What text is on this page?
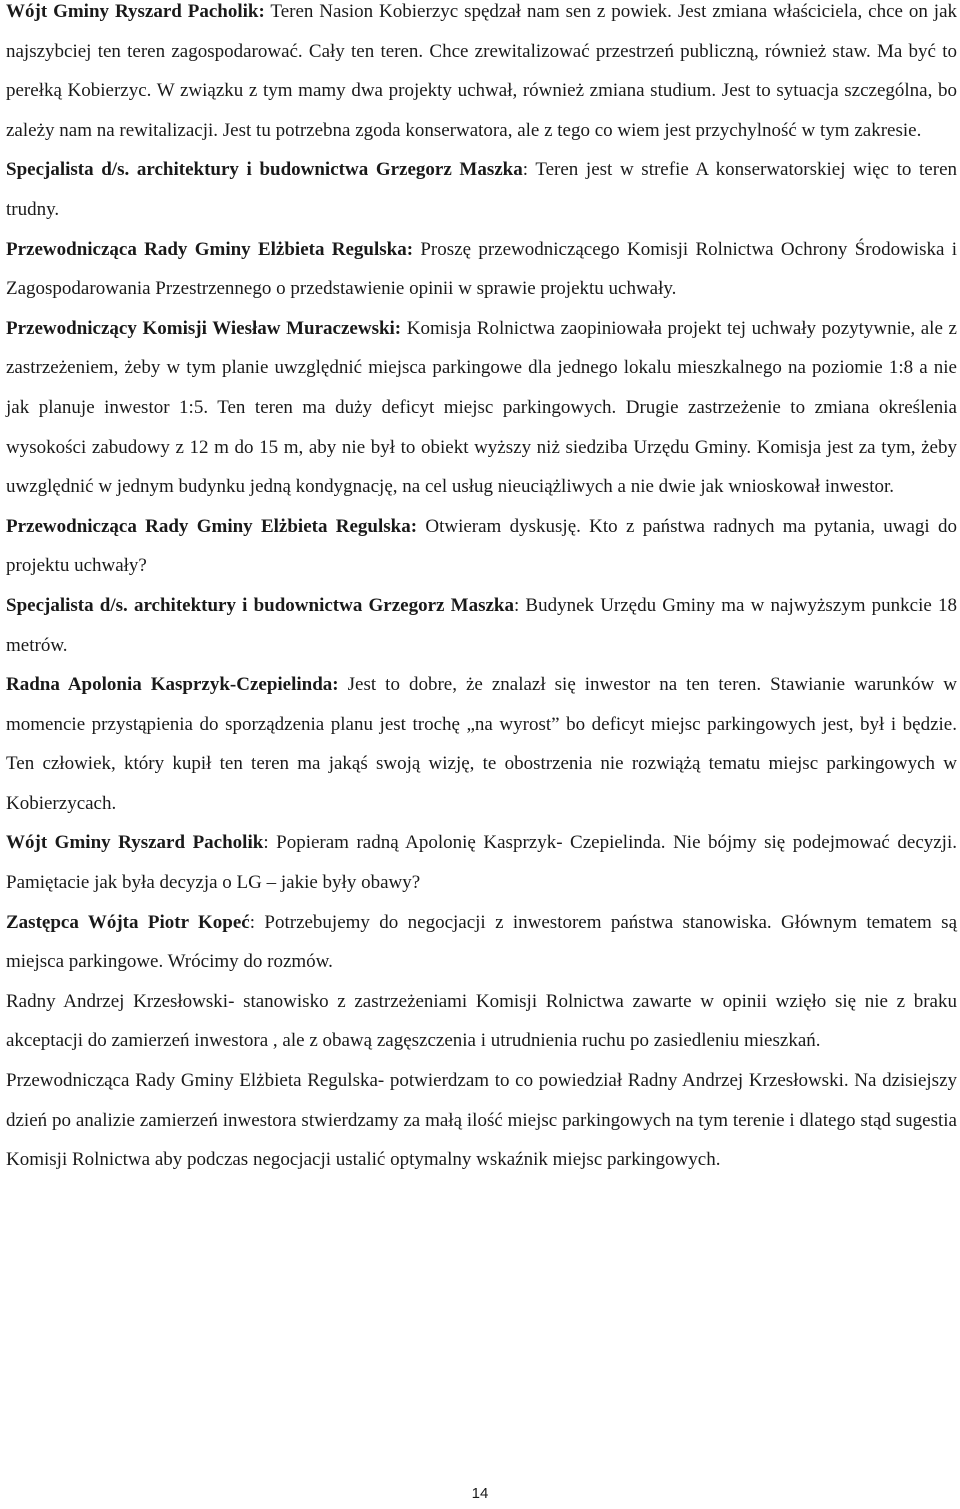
Wójt Gminy Ryszard Pacholik: Teren Nasion Kobierzyc spędzał nam sen z powiek. Jest zmiana właściciela, chce on jak najszybciej ten teren zagospodarować. Cały ten teren. Chce zrewitalizować przestrzeń publiczną, również staw. Ma być to perełką Kobierzyc. W związku z tym mamy dwa projekty uchwał, również zmiana studium. Jest to sytuacja szczególna, bo zależy nam na rewitalizacji. Jest tu potrzebna zgoda konserwatora, ale z tego co wiem jest przychylność w tym zakresie.

Specjalista d/s. architektury i budownictwa Grzegorz Maszka: Teren jest w strefie A konserwatorskiej więc to teren trudny.

Przewodnicząca Rady Gminy Elżbieta Regulska: Proszę przewodniczącego Komisji Rolnictwa Ochrony Środowiska i Zagospodarowania Przestrzennego o przedstawienie opinii w sprawie projektu uchwały.

Przewodniczący Komisji Wiesław Muraczewski: Komisja Rolnictwa zaopiniowała projekt tej uchwały pozytywnie, ale z zastrzeżeniem, żeby w tym planie uwzględnić miejsca parkingowe dla jednego lokalu mieszkalnego na poziomie 1:8 a nie jak planuje inwestor 1:5. Ten teren ma duży deficyt miejsc parkingowych. Drugie zastrzeżenie to zmiana określenia wysokości zabudowy z 12 m do 15 m, aby nie był to obiekt wyższy niż siedziba Urzędu Gminy. Komisja jest za tym, żeby uwzględnić w jednym budynku jedną kondygnację, na cel usług nieuciążliwych a nie dwie jak wnioskował inwestor.

Przewodnicząca Rady Gminy Elżbieta Regulska: Otwieram dyskusję. Kto z państwa radnych ma pytania, uwagi do projektu uchwały?

Specjalista d/s. architektury i budownictwa Grzegorz Maszka: Budynek Urzędu Gminy ma w najwyższym punkcie 18 metrów.

Radna Apolonia Kasprzyk-Czepielinda: Jest to dobre, że znalazł się inwestor na ten teren. Stawianie warunków w momencie przystąpienia do sporządzenia planu jest trochę „na wyrost” bo deficyt miejsc parkingowych jest, był i będzie. Ten człowiek, który kupił ten teren ma jakąś swoją wizję, te obostrzenia nie rozwiążą tematu miejsc parkingowych w Kobierzycach.

Wójt Gminy Ryszard Pacholik: Popieram radną Apolonię Kasprzyk- Czepielinda. Nie bójmy się podejmować decyzji. Pamiętacie jak była decyzja o LG – jakie były obawy?

Zastępca Wójta Piotr Kopeć: Potrzebujemy do negocjacji z inwestorem państwa stanowiska. Głównym tematem są miejsca parkingowe. Wrócimy do rozmów.

Radny Andrzej Krzesłowski- stanowisko z zastrzeżeniami Komisji Rolnictwa zawarte w opinii wzięło się nie z braku akceptacji do zamierzeń inwestora , ale z obawą zagęszczenia i utrudnienia ruchu po zasiedleniu mieszkań.

Przewodnicząca Rady Gminy Elżbieta Regulska- potwierdzam to co powiedział Radny Andrzej Krzesłowski. Na dzisiejszy dzień po analizie zamierzeń inwestora stwierdzamy za małą ilość miejsc parkingowych na tym terenie i dlatego stąd sugestia Komisji Rolnictwa aby podczas negocjacji ustalić optymalny wskaźnik miejsc parkingowych.

14
